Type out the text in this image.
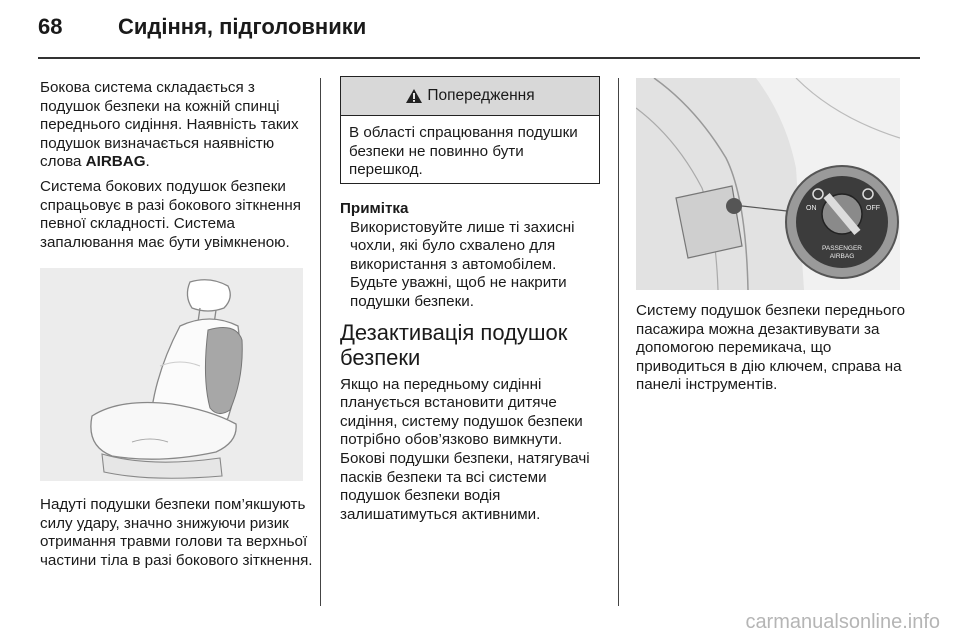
68	Сидіння, підголовники

Бокова система складається з подушок безпеки на кожній спинці переднього сидіння. Наявність таких подушок визначається наявністю слова AIRBAG.

Система бокових подушок безпеки спрацьовує в разі бокового зіткнення певної складності. Система запалювання має бути увімкненою.

Надуті подушки безпеки пом’якшують силу удару, значно знижуючи ризик отримання травми голови та верхньої частини тіла в разі бокового зіткнення.

Попередження
В області спрацювання подушки безпеки не повинно бути перешкод.

Примітка

Використовуйте лише ті захисні чохли, які було схвалено для використання з автомобілем. Будьте уважні, щоб не накрити подушки безпеки.

Дезактивація подушок безпеки

Якщо на передньому сидінні планується встановити дитяче сидіння, систему подушок безпеки потрібно обов’язково вимкнути. Бокові подушки безпеки, натягувачі пасків безпеки та всі системи подушок безпеки водія залишатимуться активними.

ON	OFF
PASSENGER
AIRBAG

Систему подушок безпеки переднього пасажира можна дезактивувати за допомогою перемикача, що приводиться в дію ключем, справа на панелі інструментів.

carmanualsonline.info
